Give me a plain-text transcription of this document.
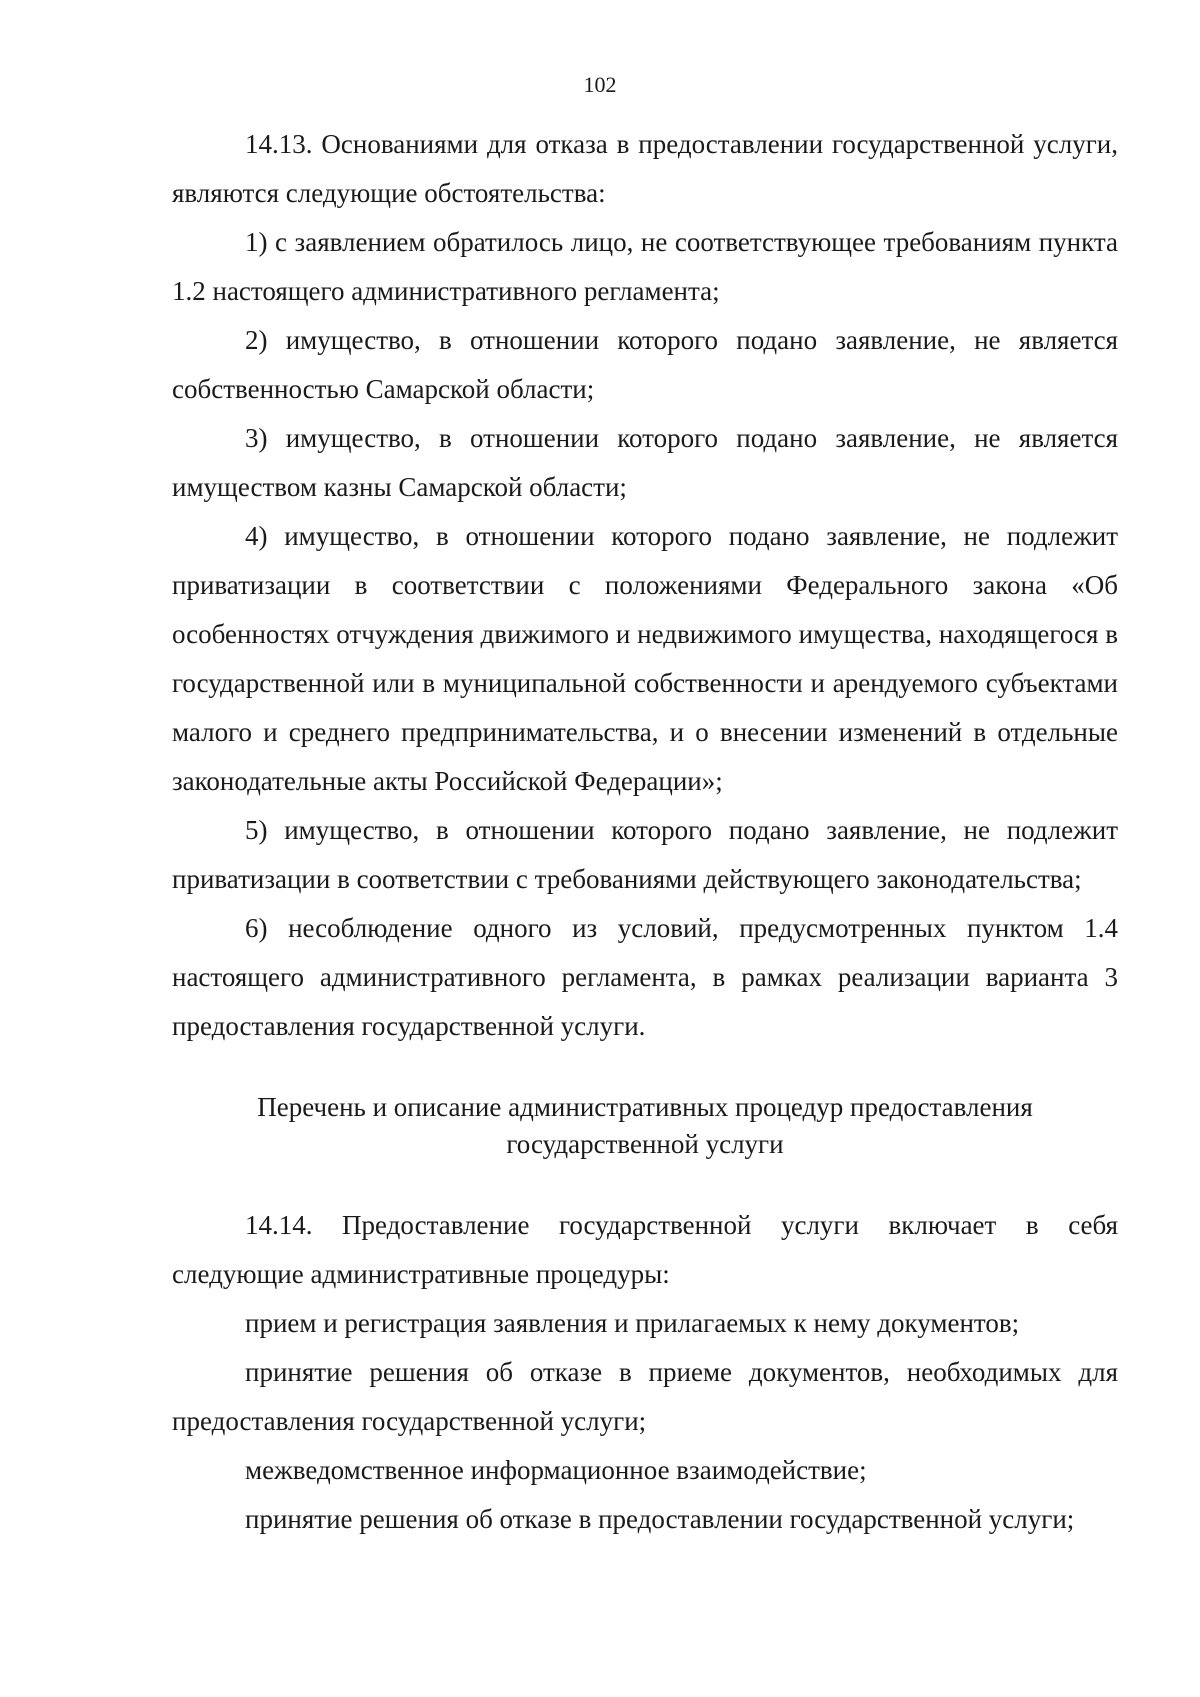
102

14.13. Основаниями для отказа в предоставлении государственной услуги, являются следующие обстоятельства:

1) с заявлением обратилось лицо, не соответствующее требованиям пункта 1.2 настоящего административного регламента;

2) имущество, в отношении которого подано заявление, не является собственностью Самарской области;

3) имущество, в отношении которого подано заявление, не является имуществом казны Самарской области;

4) имущество, в отношении которого подано заявление, не подлежит приватизации в соответствии с положениями Федерального закона «Об особенностях отчуждения движимого и недвижимого имущества, находящегося в государственной или в муниципальной собственности и арендуемого субъектами малого и среднего предпринимательства, и о внесении изменений в отдельные законодательные акты Российской Федерации»;

5) имущество, в отношении которого подано заявление, не подлежит приватизации в соответствии с требованиями действующего законодательства;

6) несоблюдение одного из условий, предусмотренных пунктом 1.4 настоящего административного регламента, в рамках реализации варианта 3 предоставления государственной услуги.

Перечень и описание административных процедур предоставления
государственной услуги

14.14. Предоставление государственной услуги включает в себя следующие административные процедуры:

прием и регистрация заявления и прилагаемых к нему документов;

принятие решения об отказе в приеме документов, необходимых для предоставления государственной услуги;

межведомственное информационное взаимодействие;

принятие решения об отказе в предоставлении государственной услуги;
